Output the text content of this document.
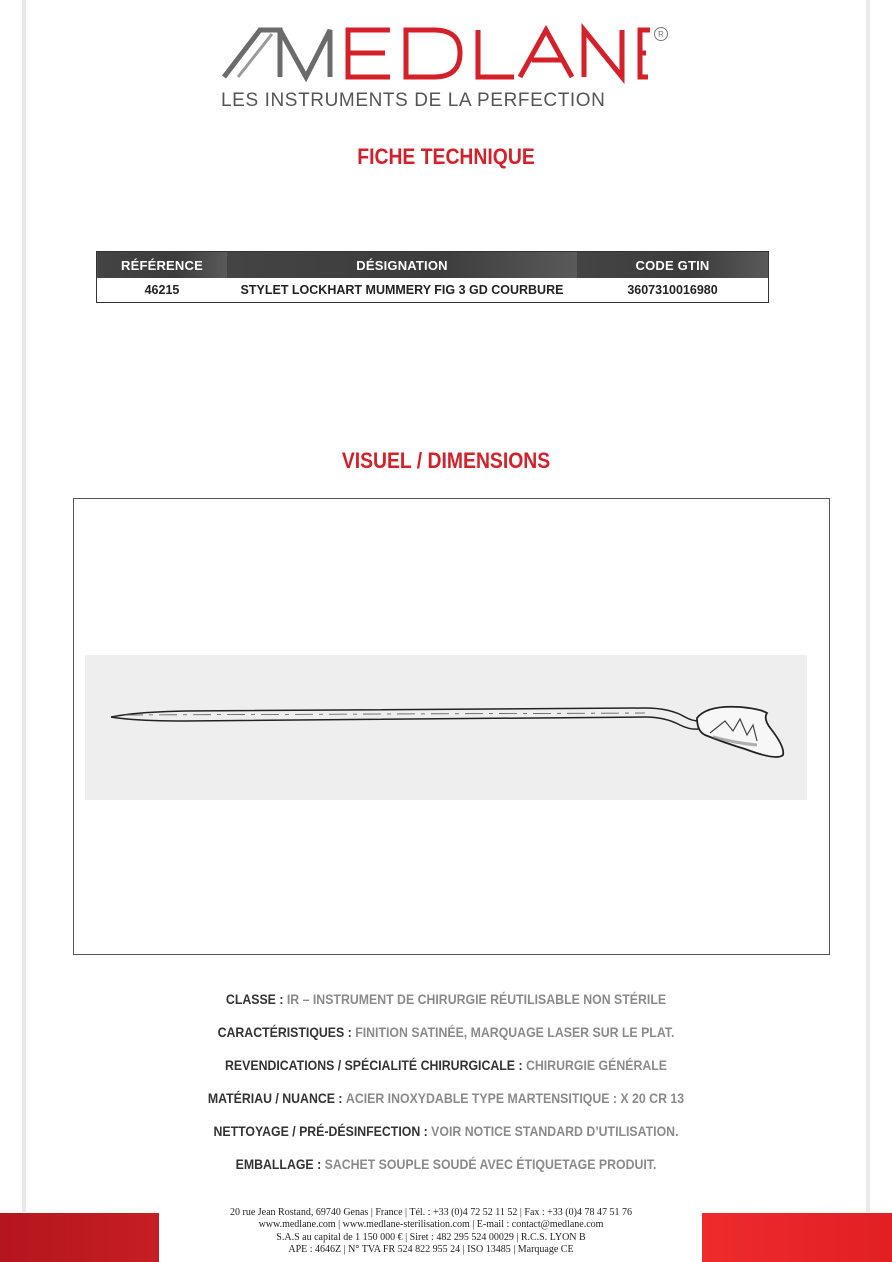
R
LES INSTRUMENTS DE LA PERFECTION
FICHE TECHNIQUE
RÉFÉRENCE	DÉSIGNATION	CODE GTIN
46215	STYLET LOCKHART MUMMERY FIG 3 GD COURBURE	3607310016980
VISUEL / DIMENSIONS
CLASSE : IR – INSTRUMENT DE CHIRURGIE RÉUTILISABLE NON STÉRILE
CARACTÉRISTIQUES : FINITION SATINÉE, MARQUAGE LASER SUR LE PLAT.
REVENDICATIONS / SPÉCIALITÉ CHIRURGICALE : CHIRURGIE GÉNÉRALE
MATÉRIAU / NUANCE : ACIER INOXYDABLE TYPE MARTENSITIQUE : X 20 CR 13
NETTOYAGE / PRÉ-DÉSINFECTION : VOIR NOTICE STANDARD D’UTILISATION.
EMBALLAGE : SACHET SOUPLE SOUDÉ AVEC ÉTIQUETAGE PRODUIT.
20 rue Jean Rostand, 69740 Genas | France | Tél. : +33 (0)4 72 52 11 52 | Fax : +33 (0)4 78 47 51 76
www.medlane.com | www.medlane-sterilisation.com | E-mail : contact@medlane.com
S.A.S au capital de 1 150 000 € | Siret : 482 295 524 00029 | R.C.S. LYON B
APE : 4646Z | N° TVA FR 524 822 955 24 | ISO 13485 | Marquage CE
